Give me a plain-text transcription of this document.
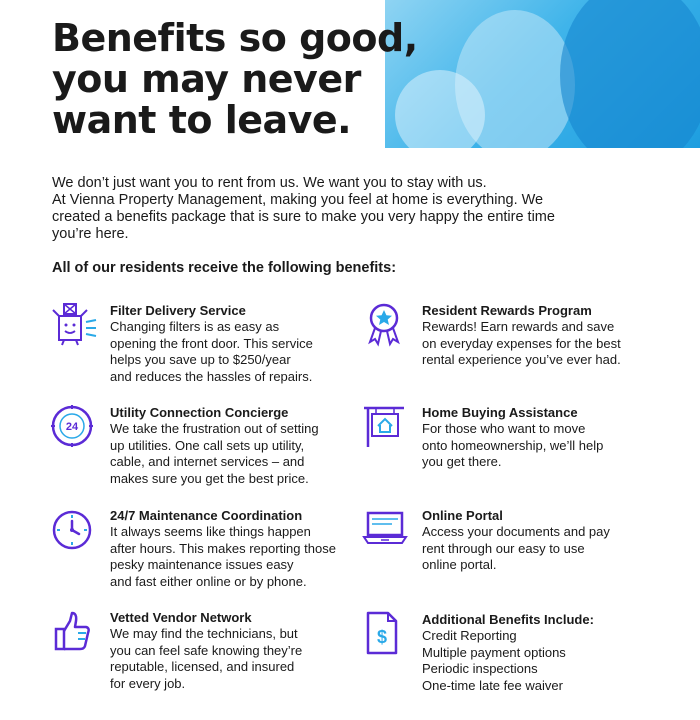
Benefits so good,
you may never
want to leave.
We don’t just want you to rent from us. We want you to stay with us.
At Vienna Property Management, making you feel at home is everything. We
created a benefits package that is sure to make you very happy the entire time
you’re here.
All of our residents receive the following benefits:
Filter Delivery Service
Changing filters is as easy as
opening the front door. This service
helps you save up to $250/year
and reduces the hassles of repairs.
Resident Rewards Program
Rewards! Earn rewards and save
on everyday expenses for the best
rental experience you’ve ever had.
24
Utility Connection Concierge
We take the frustration out of setting
up utilities. One call sets up utility,
cable, and internet services – and
makes sure you get the best price.
Home Buying Assistance
For those who want to move
onto homeownership, we’ll help
you get there.
24/7 Maintenance Coordination
It always seems like things happen
after hours. This makes reporting those
pesky maintenance issues easy
and fast either online or by phone.
Online Portal
Access your documents and pay
rent through our easy to use
online portal.
Vetted Vendor Network
We may find the technicians, but
you can feel safe knowing they’re
reputable, licensed, and insured
for every job.
$
Additional Benefits Include:
Credit Reporting
Multiple payment options
Periodic inspections
One-time late fee waiver
